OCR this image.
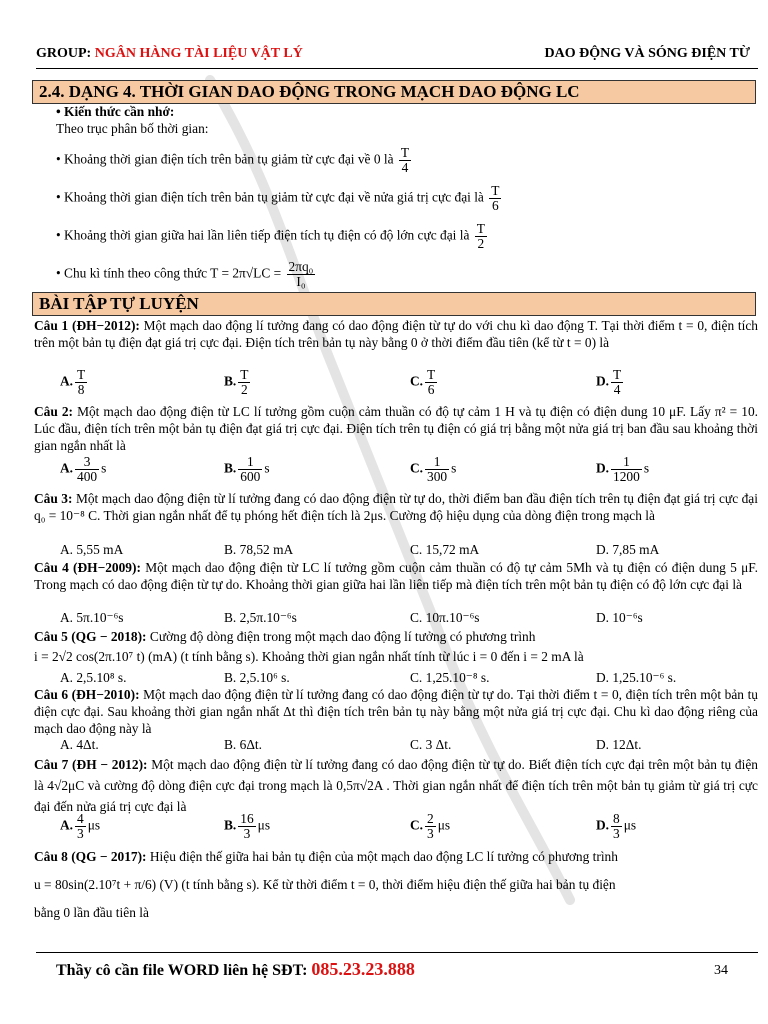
GROUP: NGÂN HÀNG TÀI LIỆU VẬT LÝ	DAO ĐỘNG VÀ SÓNG ĐIỆN TỪ
2.4. DẠNG 4. THỜI GIAN DAO ĐỘNG TRONG MẠCH DAO ĐỘNG LC
• Kiến thức cần nhớ:
Theo trục phân bố thời gian:
• Khoảng thời gian điện tích trên bản tụ giảm từ cực đại về 0 là $\frac{T}{4}$
• Khoảng thời gian điện tích trên bản tụ giảm từ cực đại về nửa giá trị cực đại là $\frac{T}{6}$
• Khoảng thời gian giữa hai lần liên tiếp điện tích tụ điện có độ lớn cực đại là $\frac{T}{2}$
• Chu kì tính theo công thức $T = 2\pi√LC = \frac{\text{2πq₀}}{\text{I₀}}$
BÀI TẬP TỰ LUYỆN
Câu 1 (ĐH−2012): Một mạch dao động lí tưởng đang có dao động điện từ tự do với chu kì dao động T. Tại thời điểm t = 0, điện tích trên một bản tụ điện đạt giá trị cực đại. Điện tích trên bản tụ này bằng 0 ở thời điểm đầu tiên (kể từ t = 0) là
A. $\frac{T}{8}$	B. $\frac{T}{2}$	C. $\frac{T}{6}$	D. $\frac{T}{4}$
Câu 2: Một mạch dao động điện từ LC lí tưởng gồm cuộn cảm thuần có độ tự cảm 1 H và tụ điện có điện dung 10 μF. Lấy π² = 10. Lúc đầu, điện tích trên một bản tụ điện đạt giá trị cực đại. Điện tích trên tụ điện có giá trị bằng một nửa giá trị ban đầu sau khoảng thời gian ngắn nhất là
A. $\frac{3}{400}$ s	B. $\frac{1}{600}$ s	C. $\frac{1}{300}$ s	D. $\frac{1}{1200}$ s
Câu 3: Một mạch dao động điện từ lí tưởng đang có dao động điện từ tự do, thời điểm ban đầu điện tích trên tụ điện đạt giá trị cực đại q₀ = 10⁻⁸ C. Thời gian ngắn nhất để tụ phóng hết điện tích là 2μs. Cường độ hiệu dụng của dòng điện trong mạch là
A. 5,55 mA	B. 78,52 mA	C. 15,72 mA	D. 7,85 mA
Câu 4 (ĐH−2009): Một mạch dao động điện từ LC lí tưởng gồm cuộn cảm thuần có độ tự cảm 5Mh và tụ điện có điện dung 5 μF. Trong mạch có dao động điện từ tự do. Khoảng thời gian giữa hai lần liên tiếp mà điện tích trên một bản tụ điện có độ lớn cực đại là
A. 5π.10⁻⁶s	B. 2,5π.10⁻⁶s	C. 10π.10⁻⁶s	D. 10⁻⁶s
Câu 5 (QG − 2018): Cường độ dòng điện trong một mạch dao động lí tưởng có phương trình
i = 2√2 cos(2π.10⁷ t) (mA) (t tính bằng s). Khoảng thời gian ngắn nhất tính từ lúc i = 0 đến i = 2 mA là
A. 2,5.10⁸ s.	B. 2,5.10⁶ s.	C. 1,25.10⁻⁸ s.	D. 1,25.10⁻⁶ s.
Câu 6 (ĐH−2010): Một mạch dao động điện từ lí tưởng đang có dao động điện từ tự do. Tại thời điểm t = 0, điện tích trên một bản tụ điện cực đại. Sau khoảng thời gian ngắn nhất Δt thì điện tích trên bản tụ này bằng một nửa giá trị cực đại. Chu kì dao động riêng của mạch dao động này là
A. 4Δt.	B. 6Δt.	C. 3 Δt.	D. 12Δt.
Câu 7 (ĐH − 2012): Một mạch dao động điện từ lí tưởng đang có dao động điện từ tự do. Biết điện tích cực đại trên một bản tụ điện là 4√2μC và cường độ dòng điện cực đại trong mạch là 0,5π√2A . Thời gian ngắn nhất để điện tích trên một bản tụ giảm từ giá trị cực đại đến nửa giá trị cực đại là
A. $\frac{4}{3}$ μs	B. $\frac{16}{3}$ μs	C. $\frac{2}{3}$ μs	D. $\frac{8}{3}$ μs
Câu 8 (QG − 2017): Hiệu điện thế giữa hai bản tụ điện của một mạch dao động LC lí tưởng có phương trình
u = 80sin(2.10⁷t + π/6) (V) (t tính bằng s). Kể từ thời điểm t = 0, thời điểm hiệu điện thế giữa hai bản tụ điện
bằng 0 lần đầu tiên là
Thầy cô cần file WORD liên hệ SĐT: 085.23.23.888	34
